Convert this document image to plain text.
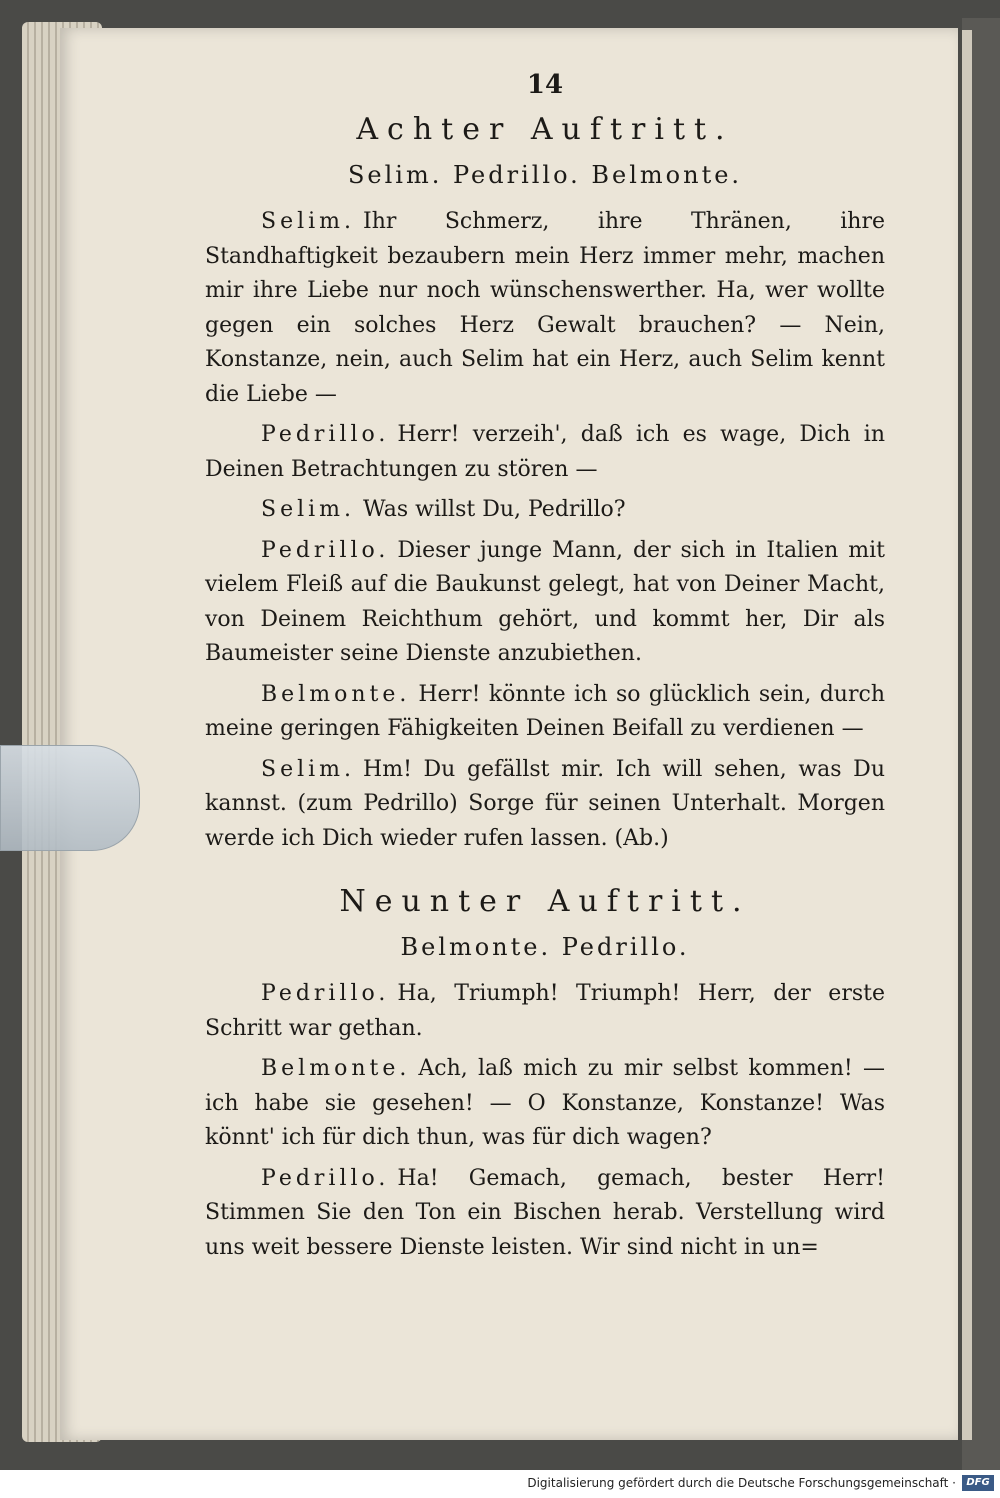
14
Achter Auftritt.
Selim. Pedrillo. Belmonte.

Selim. Ihr Schmerz, ihre Thränen, ihre Standhaftigkeit bezaubern mein Herz immer mehr, machen mir ihre Liebe nur noch wünschenswerther. Ha, wer wollte gegen ein solches Herz Gewalt brauchen? — Nein, Konstanze, nein, auch Selim hat ein Herz, auch Selim kennt die Liebe —

Pedrillo. Herr! verzeih', daß ich es wage, Dich in Deinen Betrachtungen zu stören —

Selim. Was willst Du, Pedrillo?

Pedrillo. Dieser junge Mann, der sich in Italien mit vielem Fleiß auf die Baukunst gelegt, hat von Deiner Macht, von Deinem Reichthum gehört, und kommt her, Dir als Baumeister seine Dienste anzubiethen.

Belmonte. Herr! könnte ich so glücklich sein, durch meine geringen Fähigkeiten Deinen Beifall zu verdienen —

Selim. Hm! Du gefällst mir. Ich will sehen, was Du kannst. (zum Pedrillo) Sorge für seinen Unterhalt. Morgen werde ich Dich wieder rufen lassen. (Ab.)

Neunter Auftritt.
Belmonte. Pedrillo.

Pedrillo. Ha, Triumph! Triumph! Herr, der erste Schritt war gethan.

Belmonte. Ach, laß mich zu mir selbst kommen! — ich habe sie gesehen! — O Konstanze, Konstanze! Was könnt' ich für dich thun, was für dich wagen?

Pedrillo. Ha! Gemach, gemach, bester Herr! Stimmen Sie den Ton ein Bischen herab. Verstellung wird uns weit bessere Dienste leisten. Wir sind nicht in un=

Digitalisierung gefördert durch die Deutsche Forschungsgemeinschaft ·	DFG
